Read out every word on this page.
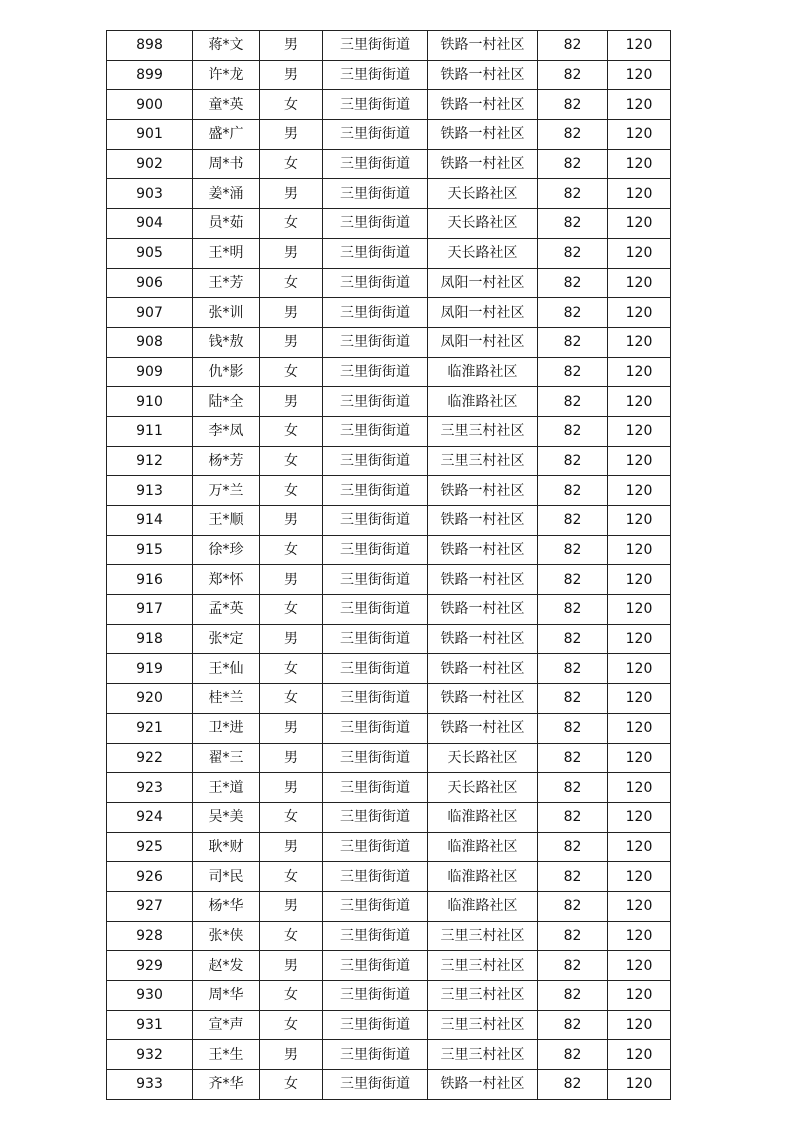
898	蒋*文	男	三里街街道	铁路一村社区	82	120
899	许*龙	男	三里街街道	铁路一村社区	82	120
900	童*英	女	三里街街道	铁路一村社区	82	120
901	盛*广	男	三里街街道	铁路一村社区	82	120
902	周*书	女	三里街街道	铁路一村社区	82	120
903	姜*涌	男	三里街街道	天长路社区	82	120
904	员*茹	女	三里街街道	天长路社区	82	120
905	王*明	男	三里街街道	天长路社区	82	120
906	王*芳	女	三里街街道	凤阳一村社区	82	120
907	张*训	男	三里街街道	凤阳一村社区	82	120
908	钱*敖	男	三里街街道	凤阳一村社区	82	120
909	仇*影	女	三里街街道	临淮路社区	82	120
910	陆*全	男	三里街街道	临淮路社区	82	120
911	李*凤	女	三里街街道	三里三村社区	82	120
912	杨*芳	女	三里街街道	三里三村社区	82	120
913	万*兰	女	三里街街道	铁路一村社区	82	120
914	王*顺	男	三里街街道	铁路一村社区	82	120
915	徐*珍	女	三里街街道	铁路一村社区	82	120
916	郑*怀	男	三里街街道	铁路一村社区	82	120
917	孟*英	女	三里街街道	铁路一村社区	82	120
918	张*定	男	三里街街道	铁路一村社区	82	120
919	王*仙	女	三里街街道	铁路一村社区	82	120
920	桂*兰	女	三里街街道	铁路一村社区	82	120
921	卫*进	男	三里街街道	铁路一村社区	82	120
922	翟*三	男	三里街街道	天长路社区	82	120
923	王*道	男	三里街街道	天长路社区	82	120
924	吴*美	女	三里街街道	临淮路社区	82	120
925	耿*财	男	三里街街道	临淮路社区	82	120
926	司*民	女	三里街街道	临淮路社区	82	120
927	杨*华	男	三里街街道	临淮路社区	82	120
928	张*侠	女	三里街街道	三里三村社区	82	120
929	赵*发	男	三里街街道	三里三村社区	82	120
930	周*华	女	三里街街道	三里三村社区	82	120
931	宣*声	女	三里街街道	三里三村社区	82	120
932	王*生	男	三里街街道	三里三村社区	82	120
933	齐*华	女	三里街街道	铁路一村社区	82	120
